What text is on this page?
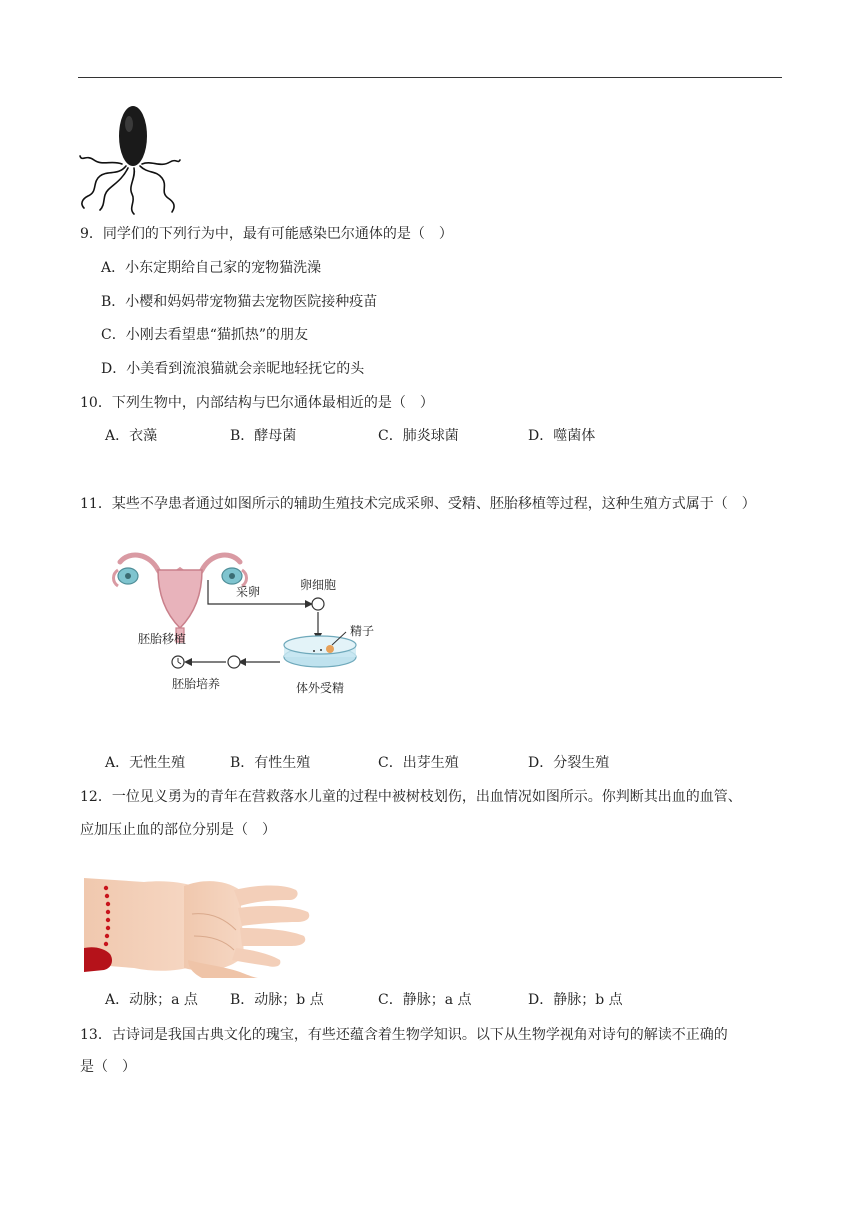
9．同学们的下列行为中，最有可能感染巴尔通体的是（　）
A．小东定期给自己家的宠物猫洗澡
B．小樱和妈妈带宠物猫去宠物医院接种疫苗
C．小刚去看望患“猫抓热”的朋友
D．小美看到流浪猫就会亲昵地轻抚它的头
10．下列生物中，内部结构与巴尔通体最相近的是（　）
A．衣藻	B．酵母菌	C．肺炎球菌	D．噬菌体
11．某些不孕患者通过如图所示的辅助生殖技术完成采卵、受精、胚胎移植等过程，这种生殖方式属于（　）
采卵	卵细胞
精子
体外受精
胚胎移植
胚胎培养
A．无性生殖	B．有性生殖	C．出芽生殖	D．分裂生殖
12．一位见义勇为的青年在营救落水儿童的过程中被树枝划伤，出血情况如图所示。你判断其出血的血管、
应加压止血的部位分别是（　）
A．动脉；a 点 B．动脉；b 点	C．静脉；a 点	D．静脉；b 点
13．古诗词是我国古典文化的瑰宝，有些还蕴含着生物学知识。以下从生物学视角对诗句的解读不正确的
是（　）
